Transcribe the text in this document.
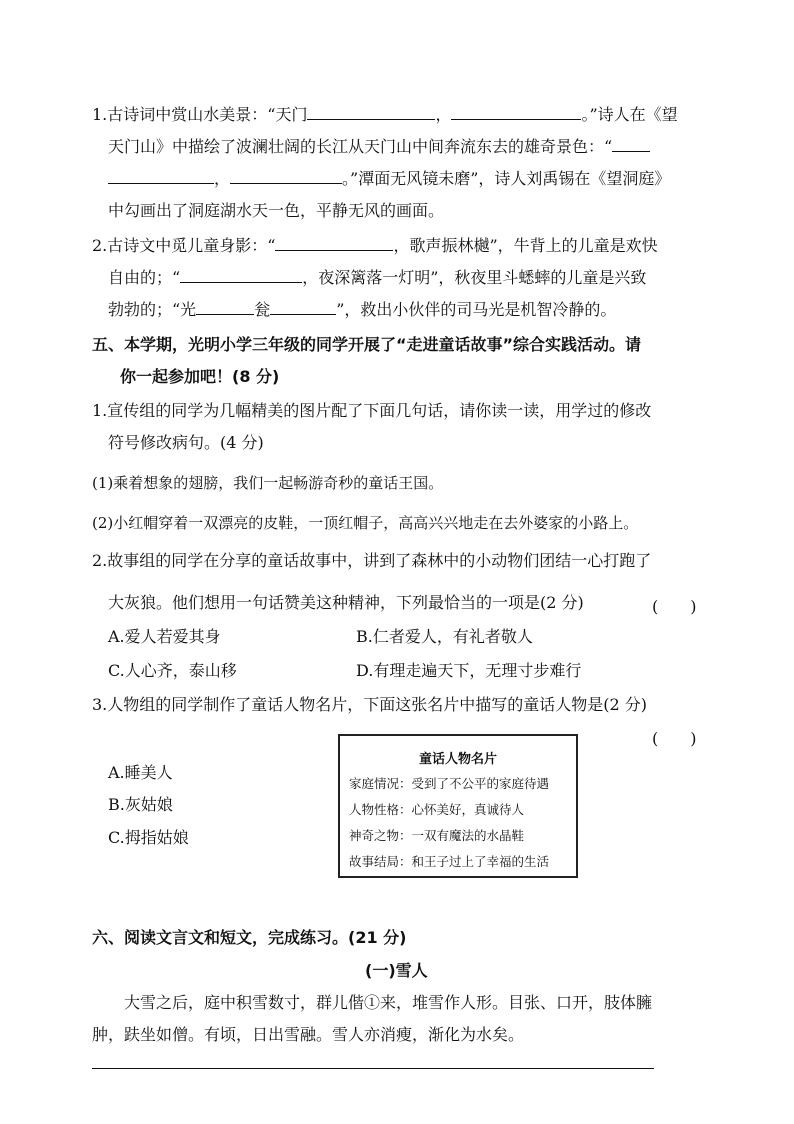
1.古诗词中赏山水美景：“天门	，	。”诗人在《望
天门山》中描绘了波澜壮阔的长江从天门山中间奔流东去的雄奇景色：“
，	。”潭面无风镜未磨”，诗人刘禹锡在《望洞庭》
中勾画出了洞庭湖水天一色，平静无风的画面。
2.古诗文中觅儿童身影：“	，歌声振林樾”，牛背上的儿童是欢快
自由的；“	，夜深篱落一灯明”，秋夜里斗蟋蟀的儿童是兴致
勃勃的；“光	瓮	”，救出小伙伴的司马光是机智冷静的。
五、本学期，光明小学三年级的同学开展了“走进童话故事”综合实践活动。请
你一起参加吧！(8 分)
1.宣传组的同学为几幅精美的图片配了下面几句话，请你读一读，用学过的修改
符号修改病句。(4 分)
(1)乘着想象的翅膀，我们一起畅游奇秒的童话王国。
(2)小红帽穿着一双漂亮的皮鞋，一顶红帽子，高高兴兴地走在去外婆家的小路上。
2.故事组的同学在分享的童话故事中，讲到了森林中的小动物们团结一心打跑了
大灰狼。他们想用一句话赞美这种精神，下列最恰当的一项是(2 分)	(　　)
A.爱人若爱其身	B.仁者爱人，有礼者敬人
C.人心齐，泰山移	D.有理走遍天下，无理寸步难行
3.人物组的同学制作了童话人物名片，下面这张名片中描写的童话人物是(2 分)
(　　)
A.睡美人
B.灰姑娘
C.拇指姑娘
童话人物名片
家庭情况：受到了不公平的家庭待遇
人物性格：心怀美好，真诚待人
神奇之物：一双有魔法的水晶鞋
故事结局：和王子过上了幸福的生活
六、阅读文言文和短文，完成练习。(21 分)
(一)雪人
大雪之后，庭中积雪数寸，群儿偕①来，堆雪作人形。目张、口开，肢体臃
肿，趺坐如僧。有顷，日出雪融。雪人亦消瘦，渐化为水矣。
